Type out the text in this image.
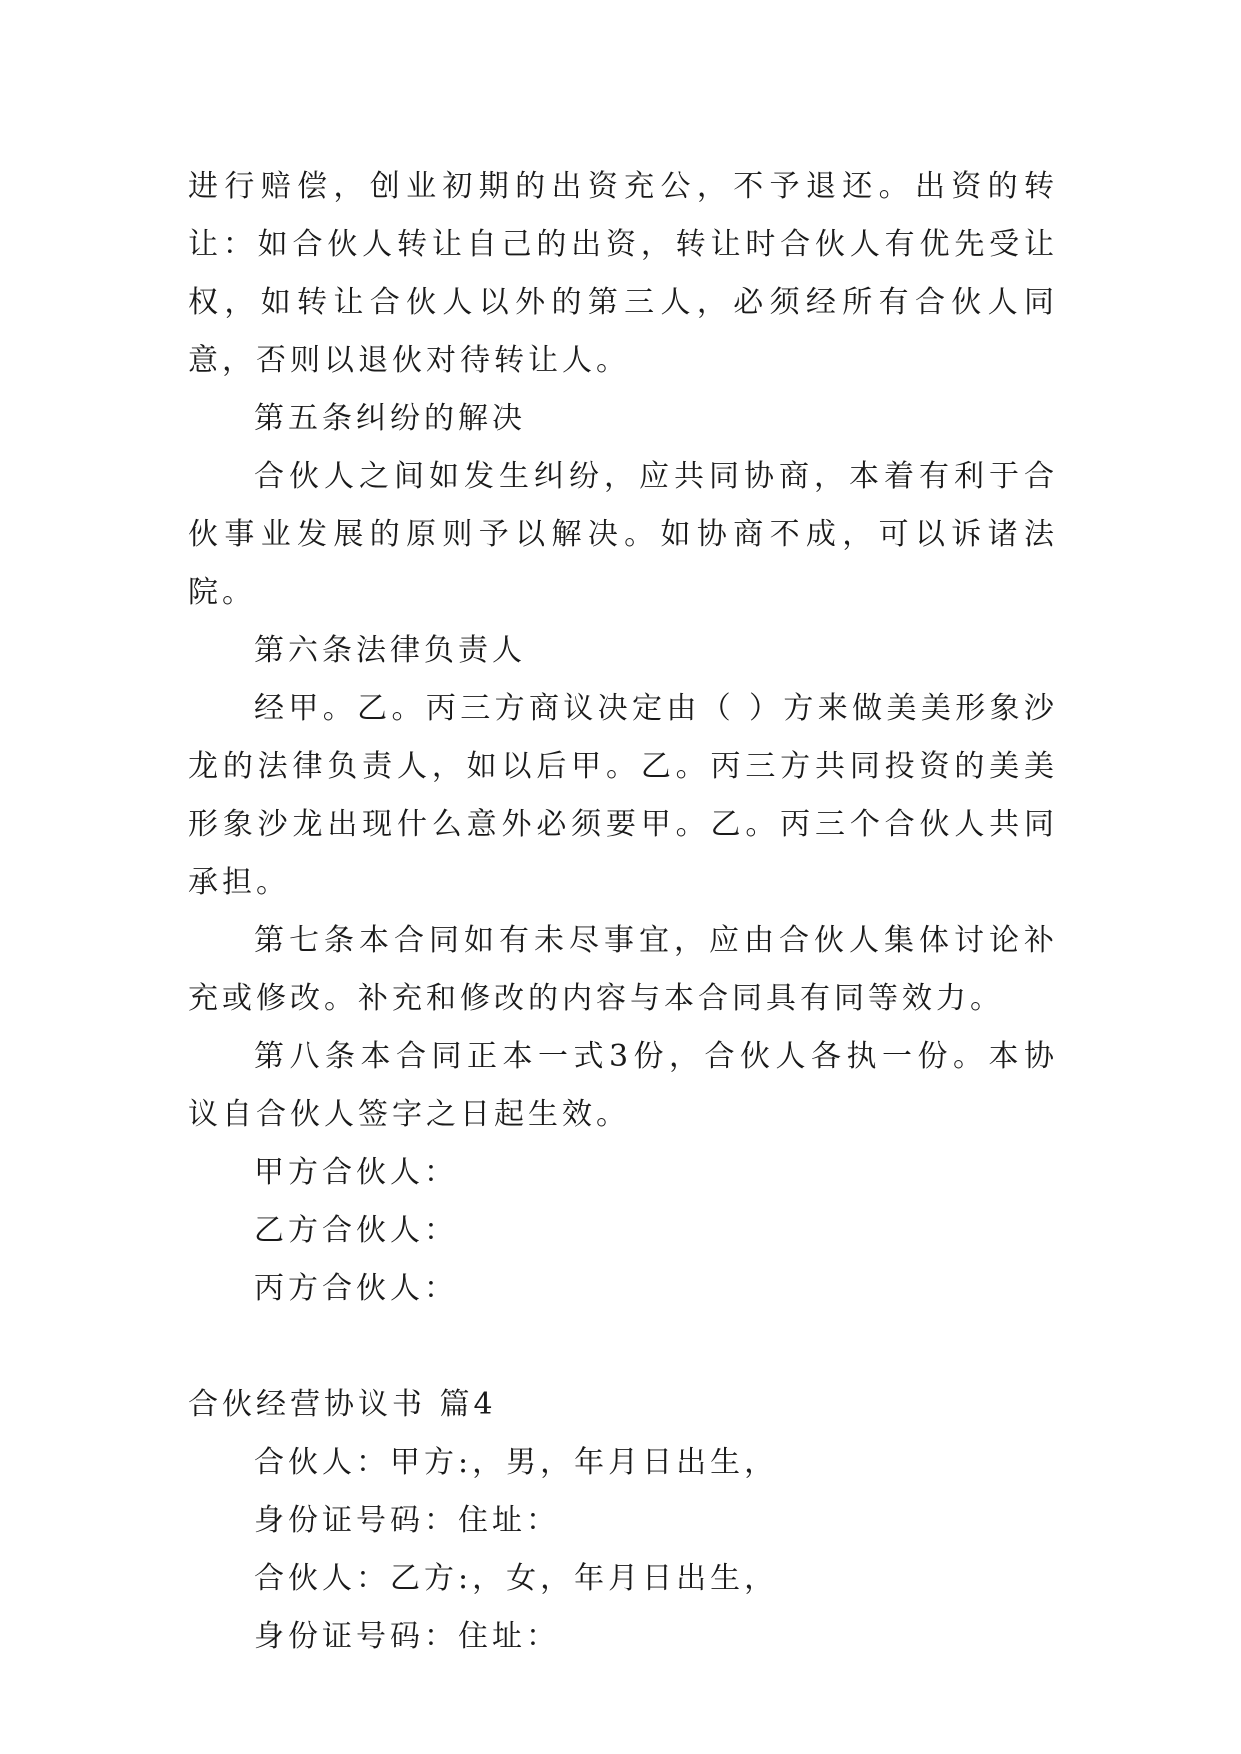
进行赔偿，创业初期的出资充公，不予退还。出资的转让：如合伙人转让自己的出资，转让时合伙人有优先受让权，如转让合伙人以外的第三人，必须经所有合伙人同意，否则以退伙对待转让人。

第五条纠纷的解决

合伙人之间如发生纠纷，应共同协商，本着有利于合伙事业发展的原则予以解决。如协商不成，可以诉诸法院。

第六条法律负责人

经甲。乙。丙三方商议决定由（ ）方来做美美形象沙龙的法律负责人，如以后甲。乙。丙三方共同投资的美美形象沙龙出现什么意外必须要甲。乙。丙三个合伙人共同承担。

第七条本合同如有未尽事宜，应由合伙人集体讨论补充或修改。补充和修改的内容与本合同具有同等效力。

第八条本合同正本一式3份，合伙人各执一份。本协议自合伙人签字之日起生效。

甲方合伙人：

乙方合伙人：

丙方合伙人：

合伙经营协议书 篇4

合伙人：甲方:，男，年月日出生，

身份证号码：住址：

合伙人：乙方:，女，年月日出生，

身份证号码：住址：
